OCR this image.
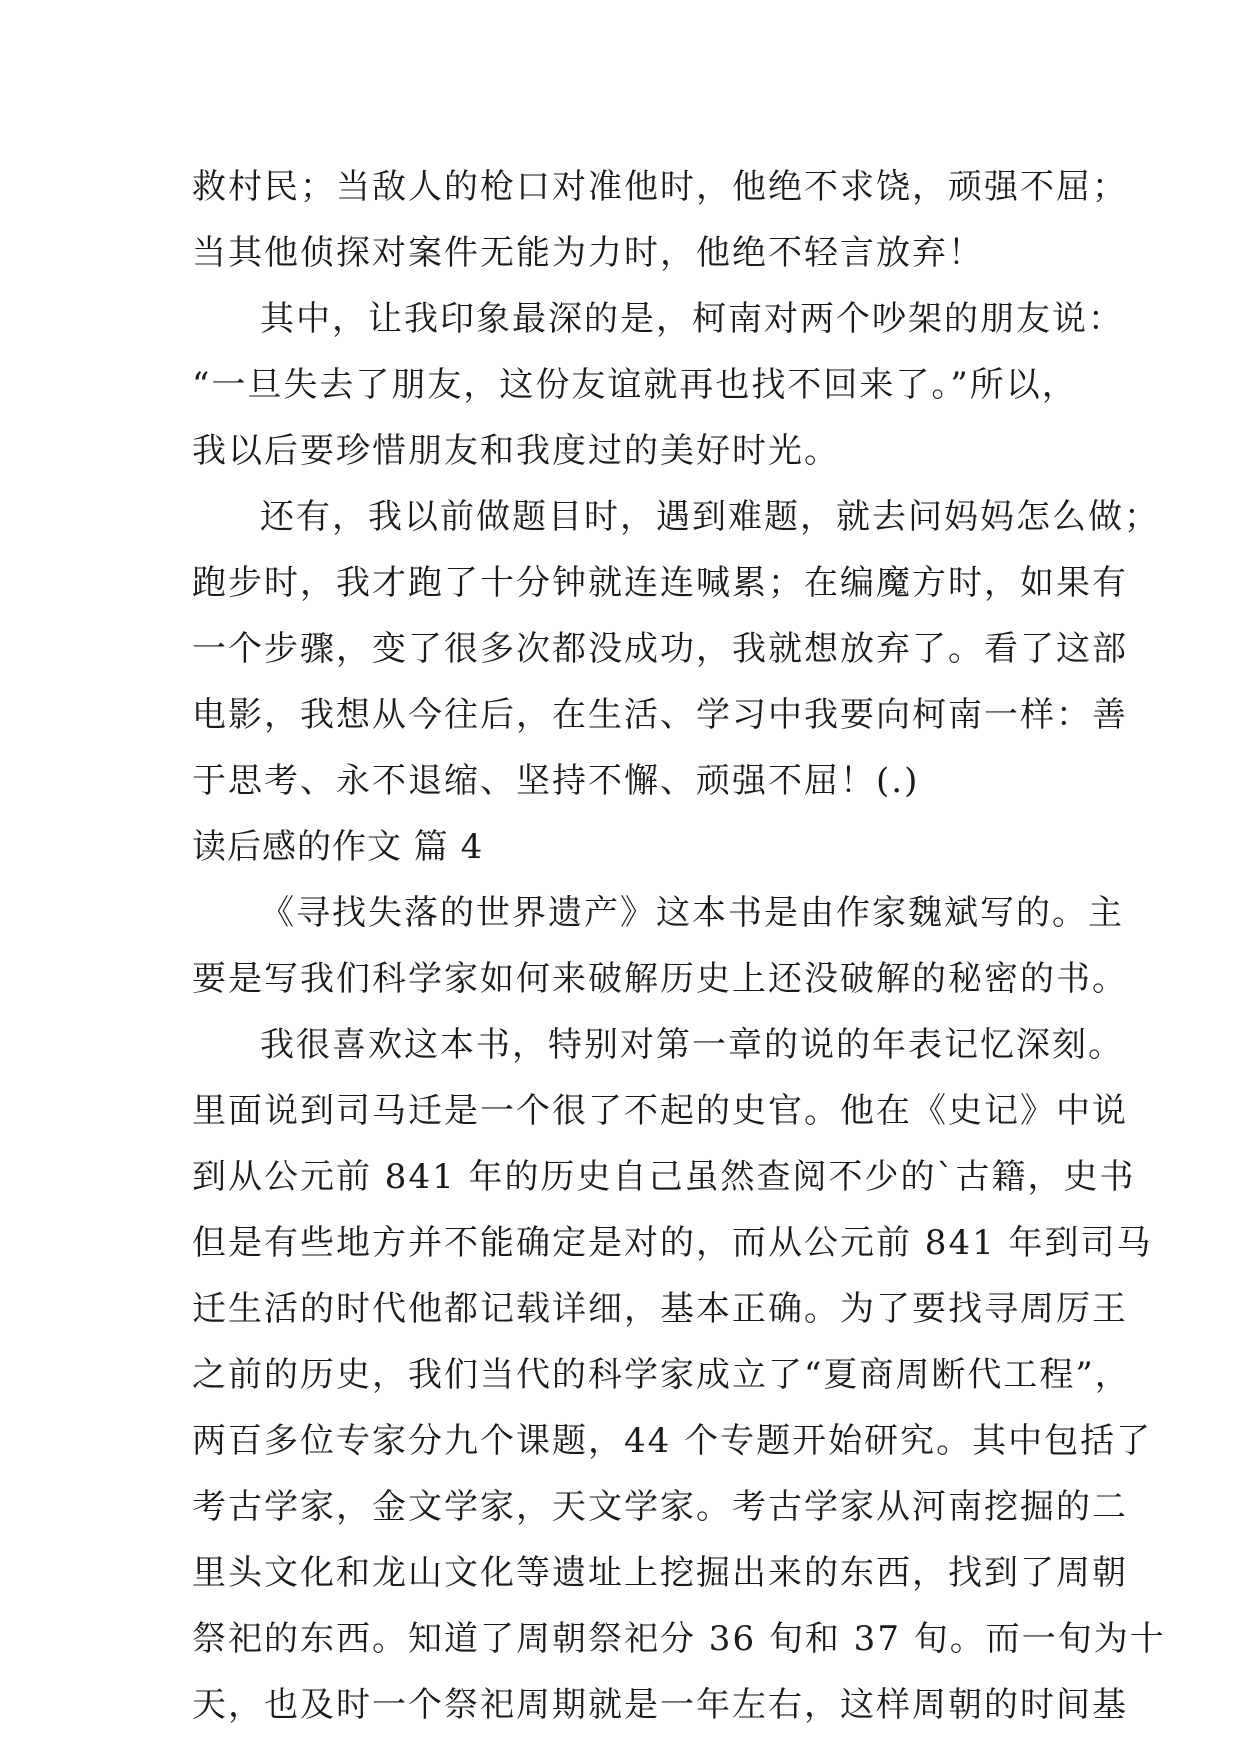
救村民；当敌人的枪口对准他时，他绝不求饶，顽强不屈；
当其他侦探对案件无能为力时，他绝不轻言放弃！
其中，让我印象最深的是，柯南对两个吵架的朋友说：
“一旦失去了朋友，这份友谊就再也找不回来了。”所以，
我以后要珍惜朋友和我度过的美好时光。
还有，我以前做题目时，遇到难题，就去问妈妈怎么做；
跑步时，我才跑了十分钟就连连喊累；在编魔方时，如果有
一个步骤，变了很多次都没成功，我就想放弃了。看了这部
电影，我想从今往后，在生活、学习中我要向柯南一样：善
于思考、永不退缩、坚持不懈、顽强不屈！(.)
读后感的作文 篇 4
《寻找失落的世界遗产》这本书是由作家魏斌写的。主
要是写我们科学家如何来破解历史上还没破解的秘密的书。
我很喜欢这本书，特别对第一章的说的年表记忆深刻。
里面说到司马迁是一个很了不起的史官。他在《史记》中说
到从公元前 841 年的历史自己虽然查阅不少的`古籍，史书
但是有些地方并不能确定是对的，而从公元前 841 年到司马
迁生活的时代他都记载详细，基本正确。为了要找寻周厉王
之前的历史，我们当代的科学家成立了“夏商周断代工程”，
两百多位专家分九个课题，44 个专题开始研究。其中包括了
考古学家，金文学家，天文学家。考古学家从河南挖掘的二
里头文化和龙山文化等遗址上挖掘出来的东西，找到了周朝
祭祀的东西。知道了周朝祭祀分 36 旬和 37 旬。而一旬为十
天，也及时一个祭祀周期就是一年左右，这样周朝的时间基
